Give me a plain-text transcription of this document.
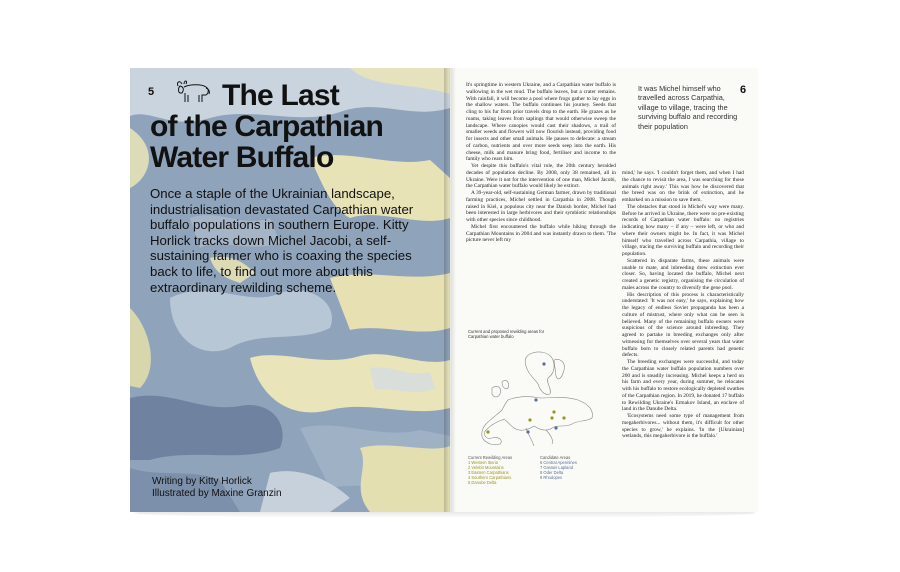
5	The Last
of the Carpathian
Water Buffalo

Once a staple of the Ukrainian landscape, industrialisation devastated Carpathian water buffalo populations in southern Europe. Kitty Horlick tracks down Michel Jacobi, a self-sustaining farmer who is coaxing the species back to life, to find out more about this extraordinary rewilding scheme.

Writing by Kitty Horlick
Illustrated by Maxine Granzin

It's springtime in western Ukraine, and a Carpathian water buffalo is wallowing in the wet mud. The buffalo leaves, but a crater remains. With rainfall, it will become a pool where frogs gather to lay eggs in the shallow waters. The buffalo continues his journey. Seeds that cling to his fur from prior travels drop to the earth. He grazes as he roams, taking leaves from saplings that would otherwise sweep the landscape. Where canopies would cast their shadows, a trail of smaller weeds and flowers will now flourish instead, providing food for insects and other small animals. He pauses to defecate: a stream of carbon, nutrients and over more seeds seep into the earth. His cheese, milk and manure bring food, fertiliser and income to the family who rears him.

Yet despite this buffalo's vital role, the 20th century heralded decades of population decline. By 2008, only 38 remained, all in Ukraine. Were it not for the intervention of one man, Michel Jacobi, the Carpathian water buffalo would likely be extinct.

A 39-year-old, self-sustaining German farmer, drawn by traditional farming practices, Michel settled in Carpathia in 2008. Though raised in Kiel, a populous city near the Danish border, Michel had been interested in large herbivores and their symbiotic relationships with other species since childhood.

Michel first encountered the buffalo while hiking through the Carpathian Mountains in 2004 and was instantly drawn to them. 'The picture never left my

It was Michel himself who travelled across Carpathia, village to village, tracing the surviving buffalo and recording their population
6

mind,' he says. 'I couldn't forget them, and when I had the chance to revisit the area, I was searching for those animals right away.' This was how he discovered that the breed was on the brink of extinction, and he embarked on a mission to save them.

The obstacles that stood in Michel's way were many. Before he arrived in Ukraine, there were no pre-existing records of Carpathian water buffalo: no registries indicating how many – if any – were left, or who and where their owners might be. In fact, it was Michel himself who travelled across Carpathia, village to village, tracing the surviving buffalo and recording their population.

Scattered in disparate farms, these animals were unable to mate, and inbreeding drew extinction ever closer. So, having located the buffalo, Michel next created a genetic registry, organising the circulation of males across the country to diversify the gene pool.

His description of this process is characteristically understated: 'It was not easy,' he says, explaining how the legacy of endless Soviet propaganda has been a culture of mistrust, where only what can be seen is believed. Many of the remaining buffalo owners were suspicious of the science around inbreeding. They agreed to partake in breeding exchanges only after witnessing for themselves over several years that water buffalo born to closely related parents had genetic defects.

The breeding exchanges were successful, and today the Carpathian water buffalo population numbers over 200 and is steadily increasing. Michel keeps a herd on his farm and every year, during summer, he relocates with his buffalo to restore ecologically depleted swathes of the Carpathian region. In 2019, he donated 17 buffalo to Rewilding Ukraine's Ermakov Island, an enclave of land in the Danube Delta.

'Ecosystems need some type of management from megaherbivores... without them, it's difficult for other species to grow,' he explains. 'In the [Ukrainian] wetlands, this megaherbivore is the buffalo.'

Current and proposed rewilding areas for Carpathian water buffalo
Current Rewilding Areas
1 Western Iberia
2 Velebit Mountains
3 Eastern Carpathians
4 Southern Carpathians
5 Danube Delta
Candidate Areas
6 Central Apennines
7 Greater Lapland
8 Oder Delta
9 Rhodopes
